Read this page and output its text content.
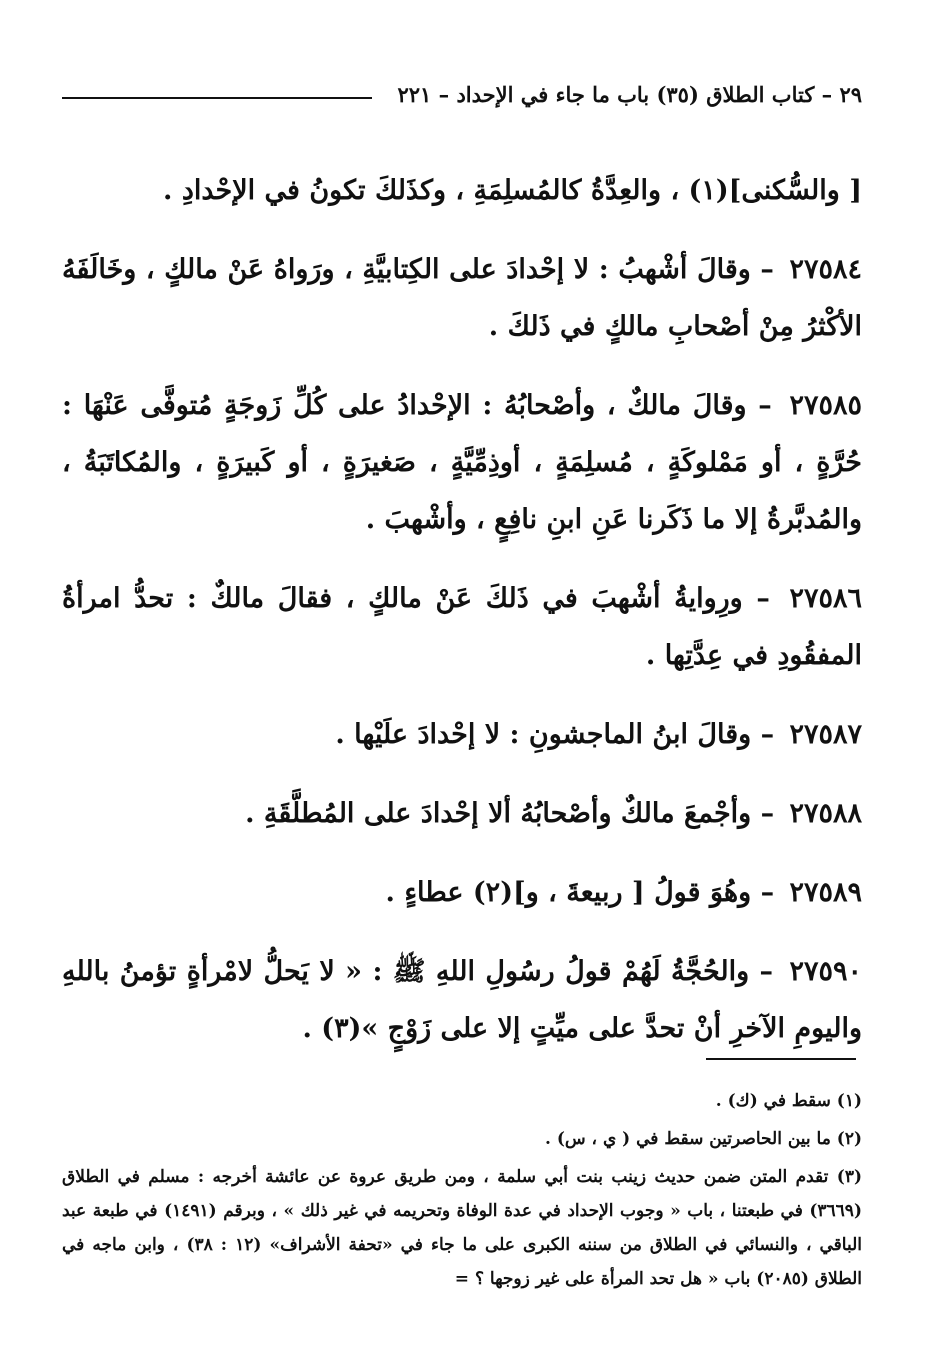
٢٩ – كتاب الطلاق (٣٥) باب ما جاء في الإحداد – ٢٢١

[ والسُّكنى](١) ، والعِدَّةُ كالمُسلِمَةِ ، وكذَلكَ تكونُ في الإحْدادِ .

٢٧٥٨٤ – وقالَ أشْهبُ : لا إحْدادَ على الكِتابيَّةِ ، ورَواهُ عَنْ مالكٍ ، وخَالَفَهُ الأكْثرُ مِنْ أصْحابِ مالكٍ في ذَلكَ .

٢٧٥٨٥ – وقالَ مالكٌ ، وأصْحابُهُ : الإحْدادُ على كُلِّ زَوجَةٍ مُتوفَّى عَنْهَا : حُرَّةٍ ، أو مَمْلوكَةٍ ، مُسلِمَةٍ ، أوذِمِّيَّةٍ ، صَغيرَةٍ ، أو كَبيرَةٍ ، والمُكاتَبَةُ ، والمُدبَّرةُ إلا ما ذَكَرنا عَنِ ابنِ نافِعٍ ، وأشْهبَ .

٢٧٥٨٦ – ورِوايةُ أشْهبَ في ذَلكَ عَنْ مالكٍ ، فقالَ مالكٌ : تحدُّ امرأةُ المفقُودِ في عِدَّتِها .

٢٧٥٨٧ – وقالَ ابنُ الماجشونِ : لا إحْدادَ علَيْها .

٢٧٥٨٨ – وأجْمعَ مالكٌ وأصْحابُهُ ألا إحْدادَ على المُطلَّقَةِ .

٢٧٥٨٩ – وهُوَ قولُ [ ربيعةَ ، و](٢) عطاءٍ .

٢٧٥٩٠ – والحُجَّةُ لَهُمْ قولُ رسُولِ اللهِ ﷺ : « لا يَحلُّ لامْرأةٍ تؤمنُ باللهِ واليومِ الآخرِ أنْ تحدَّ على ميِّتٍ إلا على زَوْجٍ »(٣) .

(١) سقط في (ك) .

(٢) ما بين الحاصرتين سقط في ( ي ، س) .

(٣) تقدم المتن ضمن حديث زينب بنت أبي سلمة ، ومن طريق عروة عن عائشة أخرجه : مسلم في الطلاق (٣٦٦٩) في طبعتنا ، باب « وجوب الإحداد في عدة الوفاة وتحريمه في غير ذلك » ، وبرقم (١٤٩١) في طبعة عبد الباقي ، والنسائي في الطلاق من سننه الكبرى على ما جاء في «تحفة الأشراف» (١٢ : ٣٨) ، وابن ماجه في الطلاق (٢٠٨٥) باب « هل تحد المرأة على غير زوجها ؟ =
